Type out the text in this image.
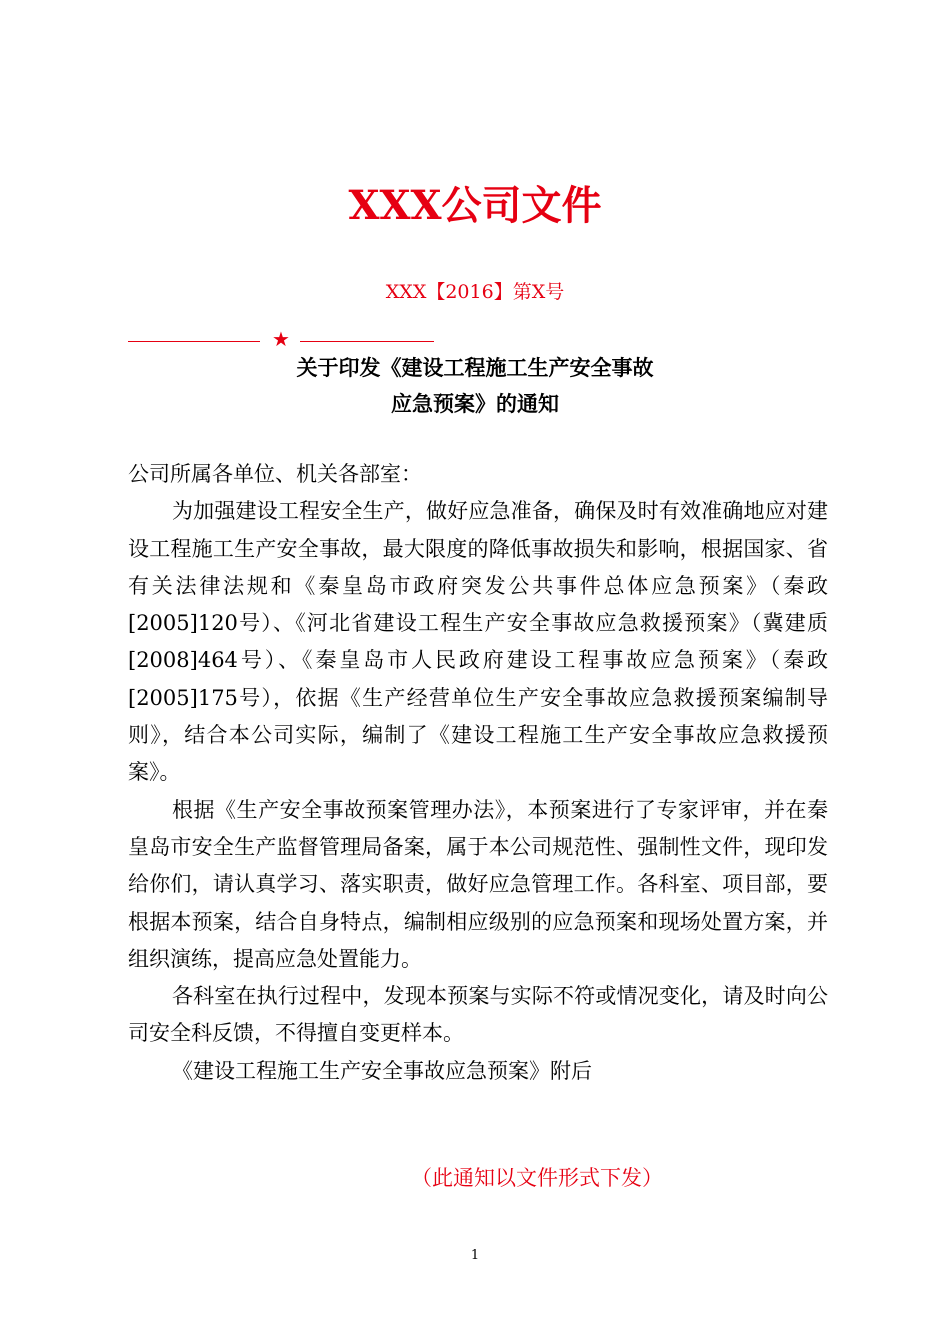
XXX公司文件
XXX【2016】第X号
★
关于印发《建设工程施工生产安全事故
应急预案》的通知

公司所属各单位、机关各部室：

为加强建设工程安全生产，做好应急准备，确保及时有效准确地应对建设工程施工生产安全事故，最大限度的降低事故损失和影响，根据国家、省有关法律法规和《秦皇岛市政府突发公共事件总体应急预案》（秦政[2005]120号）、《河北省建设工程生产安全事故应急救援预案》（冀建质[2008]464号）、《秦皇岛市人民政府建设工程事故应急预案》（秦政[2005]175号），依据《生产经营单位生产安全事故应急救援预案编制导则》，结合本公司实际，编制了《建设工程施工生产安全事故应急救援预案》。

根据《生产安全事故预案管理办法》，本预案进行了专家评审，并在秦皇岛市安全生产监督管理局备案，属于本公司规范性、强制性文件，现印发给你们，请认真学习、落实职责，做好应急管理工作。各科室、项目部，要根据本预案，结合自身特点，编制相应级别的应急预案和现场处置方案，并组织演练，提高应急处置能力。

各科室在执行过程中，发现本预案与实际不符或情况变化，请及时向公司安全科反馈，不得擅自变更样本。

《建设工程施工生产安全事故应急预案》附后

（此通知以文件形式下发）
1
